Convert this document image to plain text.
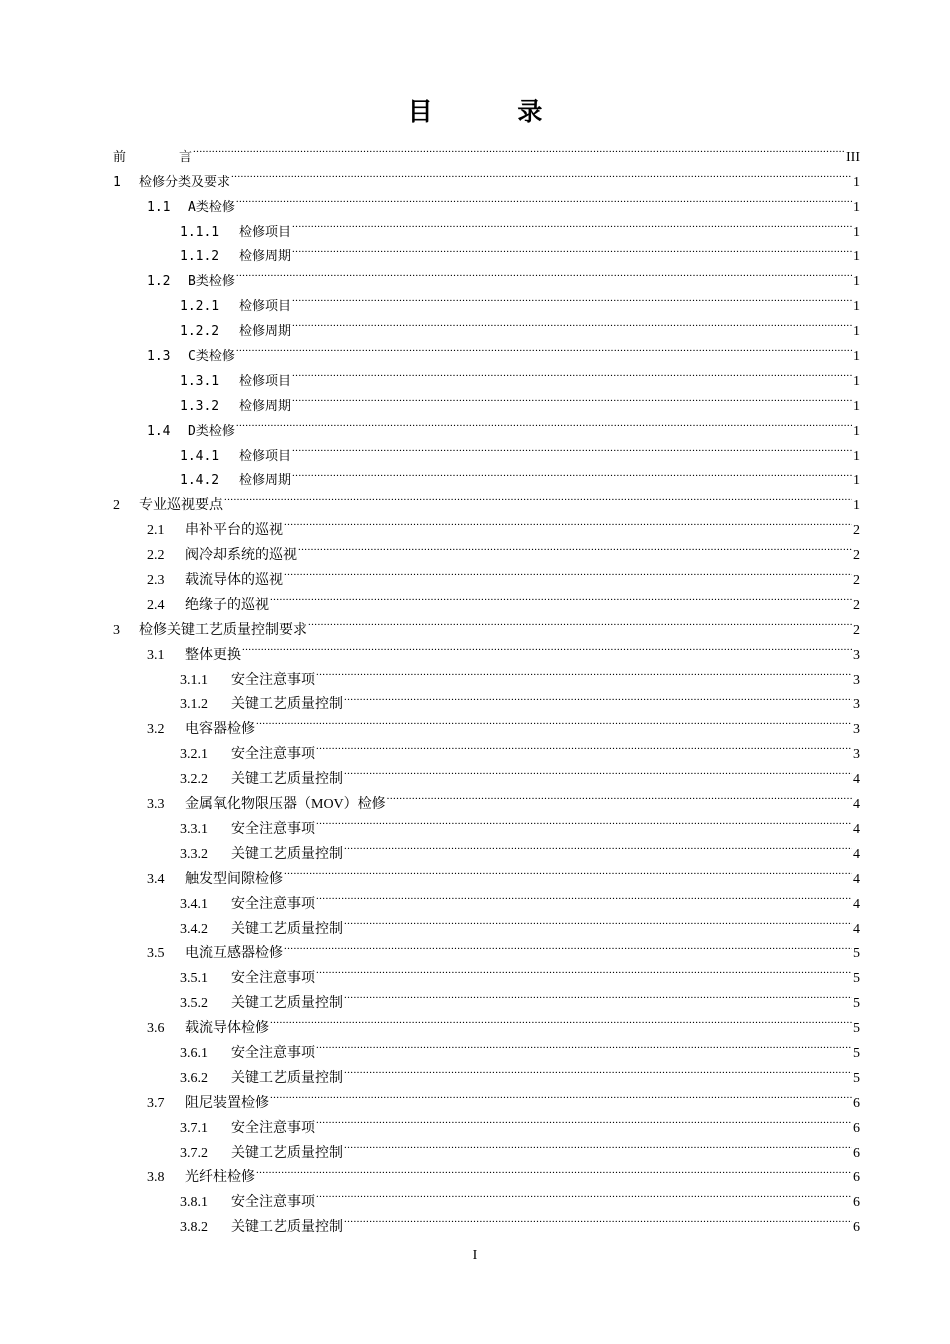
目 录
前	言 .....	III
1	检修分类及要求 .....	1
1.1	A类检修 .....	1
1.1.1	检修项目 .....	1
1.1.2	检修周期 .....	1
1.2	B类检修 .....	1
1.2.1	检修项目 .....	1
1.2.2	检修周期 .....	1
1.3	C类检修 .....	1
1.3.1	检修项目 .....	1
1.3.2	检修周期 .....	1
1.4	D类检修 .....	1
1.4.1	检修项目 .....	1
1.4.2	检修周期 .....	1
2	专业巡视要点 .....	1
2.1	串补平台的巡视 .....	2
2.2	阀冷却系统的巡视 .....	2
2.3	载流导体的巡视 .....	2
2.4	绝缘子的巡视 .....	2
3	检修关键工艺质量控制要求 .....	2
3.1	整体更换 .....	3
3.1.1	安全注意事项 .....	3
3.1.2	关键工艺质量控制 .....	3
3.2	电容器检修 .....	3
3.2.1	安全注意事项 .....	3
3.2.2	关键工艺质量控制 .....	4
3.3	金属氧化物限压器（MOV）检修 .....	4
3.3.1	安全注意事项 .....	4
3.3.2	关键工艺质量控制 .....	4
3.4	触发型间隙检修 .....	4
3.4.1	安全注意事项 .....	4
3.4.2	关键工艺质量控制 .....	4
3.5	电流互感器检修 .....	5
3.5.1	安全注意事项 .....	5
3.5.2	关键工艺质量控制 .....	5
3.6	载流导体检修 .....	5
3.6.1	安全注意事项 .....	5
3.6.2	关键工艺质量控制 .....	5
3.7	阻尼装置检修 .....	6
3.7.1	安全注意事项 .....	6
3.7.2	关键工艺质量控制 .....	6
3.8	光纤柱检修 .....	6
3.8.1	安全注意事项 .....	6
3.8.2	关键工艺质量控制 .....	6
I
